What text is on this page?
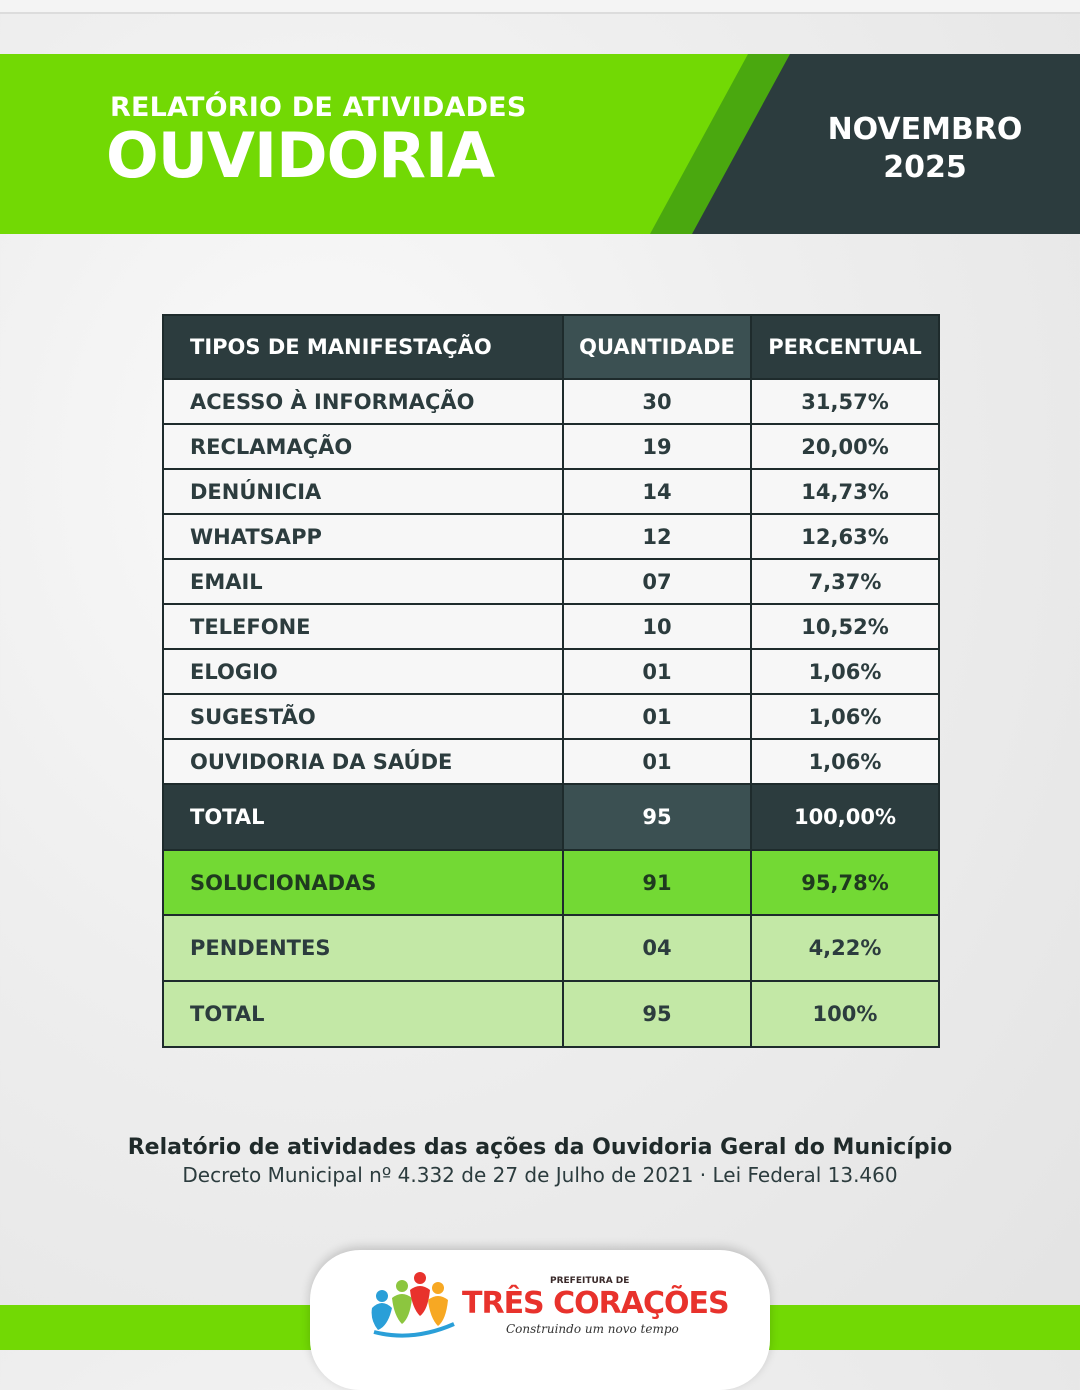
RELATÓRIO DE ATIVIDADES
OUVIDORIA	NOVEMBRO
2025
TIPOS DE MANIFESTAÇÃO	QUANTIDADE	PERCENTUAL
ACESSO À INFORMAÇÃO	30	31,57%
RECLAMAÇÃO	19	20,00%
DENÚNICIA	14	14,73%
WHATSAPP	12	12,63%
EMAIL	07	7,37%
TELEFONE	10	10,52%
ELOGIO	01	1,06%
SUGESTÃO	01	1,06%
OUVIDORIA DA SAÚDE	01	1,06%
TOTAL	95	100,00%
SOLUCIONADAS	91	95,78%
PENDENTES	04	4,22%
TOTAL	95	100%
Relatório de atividades das ações da Ouvidoria Geral do Município
Decreto Municipal nº 4.332 de 27 de Julho de 2021 · Lei Federal 13.460
PREFEITURA DE
TRÊS CORAÇÕES
Construindo um novo tempo
